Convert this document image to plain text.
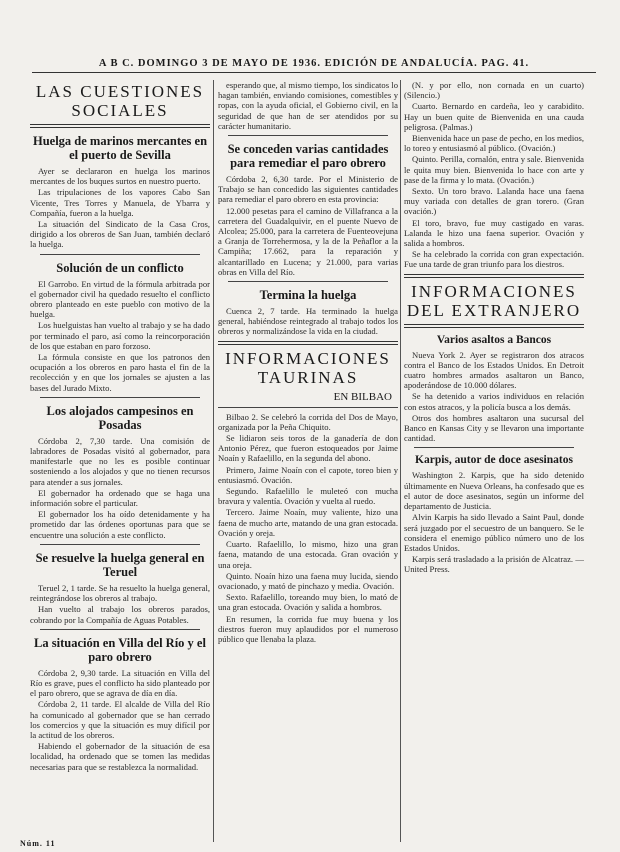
A B C. DOMINGO 3 DE MAYO DE 1936. EDICIÓN DE ANDALUCÍA. PAG. 41.
LAS CUESTIONES SOCIALES
Huelga de marinos mercantes en el puerto de Sevilla

Ayer se declararon en huelga los marinos mercantes de los buques surtos en nuestro puerto.

Las tripulaciones de los vapores Cabo San Vicente, Tres Torres y Manuela, de Ybarra y Compañía, fueron a la huelga.

La situación del Sindicato de la Casa Cros, dirigido a los obreros de San Juan, también declaró la huelga.

Solución de un conflicto

El Garrobo. En virtud de la fórmula arbitrada por el gobernador civil ha quedado resuelto el conflicto obrero planteado en este pueblo con motivo de la huelga.

Los huelguistas han vuelto al trabajo y se ha dado por terminado el paro, así como la reincorporación de los que estaban en paro forzoso.

La fórmula consiste en que los patronos den ocupación a los obreros en paro hasta el fin de la recolección y en que los jornales se ajusten a las bases del Jurado Mixto.

Los alojados campesinos en Posadas

Córdoba 2, 7,30 tarde. Una comisión de labradores de Posadas visitó al gobernador, para manifestarle que no les es posible continuar sosteniendo a los alojados y que no tienen recursos para atender a sus jornales.

El gobernador ha ordenado que se haga una información sobre el particular.

El gobernador los ha oído detenidamente y ha prometido dar las órdenes oportunas para que se encuentre una solución a este conflicto.

Se resuelve la huelga general en Teruel

Teruel 2, 1 tarde. Se ha resuelto la huelga general, reintegrándose los obreros al trabajo.

Han vuelto al trabajo los obreros parados, cobrando por la Compañía de Aguas Potables.

La situación en Villa del Río y el paro obrero

Córdoba 2, 9,30 tarde. La situación en Villa del Río es grave, pues el conflicto ha sido planteado por el paro obrero, que se agrava de día en día.

Córdoba 2, 11 tarde. El alcalde de Villa del Río ha comunicado al gobernador que se han cerrado los comercios y que la situación es muy difícil por la actitud de los obreros.

Habiendo el gobernador de la situación de esa localidad, ha ordenado que se tomen las medidas necesarias para que se restablezca la normalidad.

esperando que, al mismo tiempo, los sindicatos lo hagan también, enviando comisiones, comestibles y ropas, con la ayuda oficial, el Gobierno civil, en la seguridad de que han de ser atendidos por su carácter humanitario.

Se conceden varias cantidades para remediar el paro obrero

Córdoba 2, 6,30 tarde. Por el Ministerio de Trabajo se han concedido las siguientes cantidades para remediar el paro obrero en esta provincia:

12.000 pesetas para el camino de Villafranca a la carretera del Guadalquivir, en el puente Nuevo de Alcolea; 25.000, para la carretera de Fuenteovejuna a Granja de Torrehermosa, y la de la Peñaflor a la Campiña; 17.662, para la reparación y alcantarillado en Lucena; y 21.000, para varias obras en Villa del Río.

Termina la huelga

Cuenca 2, 7 tarde. Ha terminado la huelga general, habiéndose reintegrado al trabajo todos los obreros y normalizándose la vida en la ciudad.

INFORMACIONES TAURINAS
EN BILBAO

Bilbao 2. Se celebró la corrida del Dos de Mayo, organizada por la Peña Chiquito.

Se lidiaron seis toros de la ganadería de don Antonio Pérez, que fueron estoqueados por Jaime Noaín y Rafaelillo, en la segunda del abono.

Primero, Jaime Noaín con el capote, toreo bien y entusiasmó. Ovación.

Segundo. Rafaelillo le muleteó con mucha bravura y valentía. Ovación y vuelta al ruedo.

Tercero. Jaime Noaín, muy valiente, hizo una faena de mucho arte, matando de una gran estocada. Ovación y oreja.

Cuarto. Rafaelillo, lo mismo, hizo una gran faena, matando de una estocada. Gran ovación y una oreja.

Quinto. Noaín hizo una faena muy lucida, siendo ovacionado, y mató de pinchazo y media. Ovación.

Sexto. Rafaelillo, toreando muy bien, lo mató de una gran estocada. Ovación y salida a hombros.

En resumen, la corrida fue muy buena y los diestros fueron muy aplaudidos por el numeroso público que llenaba la plaza.

(N. y por ello, non cornada en un cuarto) (Silencio.)

Cuarto. Bernardo en cardeña, leo y carabidito. Hay un buen quite de Bienvenida en una cauda peligrosa. (Palmas.)

Bienvenida hace un pase de pecho, en los medios, lo toreo y entusiasmó al público. (Ovación.)

Quinto. Perilla, cornalón, entra y sale. Bienvenida le quita muy bien. Bienvenida lo hace con arte y pase de la firma y lo mata. (Ovación.)

Sexto. Un toro bravo. Lalanda hace una faena muy variada con detalles de gran torero. (Gran ovación.)

El toro, bravo, fue muy castigado en varas. Lalanda le hizo una faena superior. Ovación y salida a hombros.

Se ha celebrado la corrida con gran expectación. Fue una tarde de gran triunfo para los diestros.

INFORMACIONES DEL EXTRANJERO
Varios asaltos a Bancos

Nueva York 2. Ayer se registraron dos atracos contra el Banco de los Estados Unidos. En Detroit cuatro hombres armados asaltaron un Banco, apoderándose de 10.000 dólares.

Se ha detenido a varios individuos en relación con estos atracos, y la policía busca a los demás.

Otros dos hombres asaltaron una sucursal del Banco en Kansas City y se llevaron una importante cantidad.

Karpis, autor de doce asesinatos

Washington 2. Karpis, que ha sido detenido últimamente en Nueva Orleans, ha confesado que es el autor de doce asesinatos, según un informe del departamento de Justicia.

Alvin Karpis ha sido llevado a Saint Paul, donde será juzgado por el secuestro de un banquero. Se le considera el enemigo público número uno de los Estados Unidos.

Karpis será trasladado a la prisión de Alcatraz. — United Press.

Núm. 11
